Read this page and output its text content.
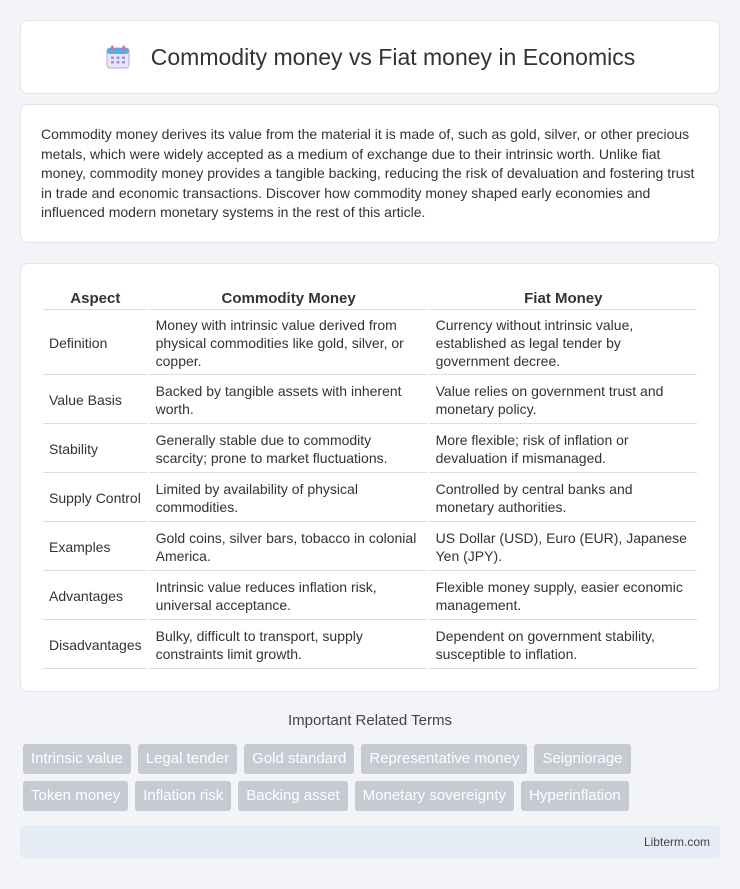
Commodity money vs Fiat money in Economics

Commodity money derives its value from the material it is made of, such as gold, silver, or other precious metals, which were widely accepted as a medium of exchange due to their intrinsic worth. Unlike fiat money, commodity money provides a tangible backing, reducing the risk of devaluation and fostering trust in trade and economic transactions. Discover how commodity money shaped early economies and influenced modern monetary systems in the rest of this article.

Aspect	Commodity Money	Fiat Money
Definition	Money with intrinsic value derived from physical commodities like gold, silver, or copper.	Currency without intrinsic value, established as legal tender by government decree.
Value Basis	Backed by tangible assets with inherent worth.	Value relies on government trust and monetary policy.
Stability	Generally stable due to commodity scarcity; prone to market fluctuations.	More flexible; risk of inflation or devaluation if mismanaged.
Supply Control	Limited by availability of physical commodities.	Controlled by central banks and monetary authorities.
Examples	Gold coins, silver bars, tobacco in colonial America.	US Dollar (USD), Euro (EUR), Japanese Yen (JPY).
Advantages	Intrinsic value reduces inflation risk, universal acceptance.	Flexible money supply, easier economic management.
Disadvantages	Bulky, difficult to transport, supply constraints limit growth.	Dependent on government stability, susceptible to inflation.
Important Related Terms
Intrinsic value	Legal tender	Gold standard	Representative money	Seigniorage
Token money	Inflation risk	Backing asset	Monetary sovereignty	Hyperinflation
Libterm.com
